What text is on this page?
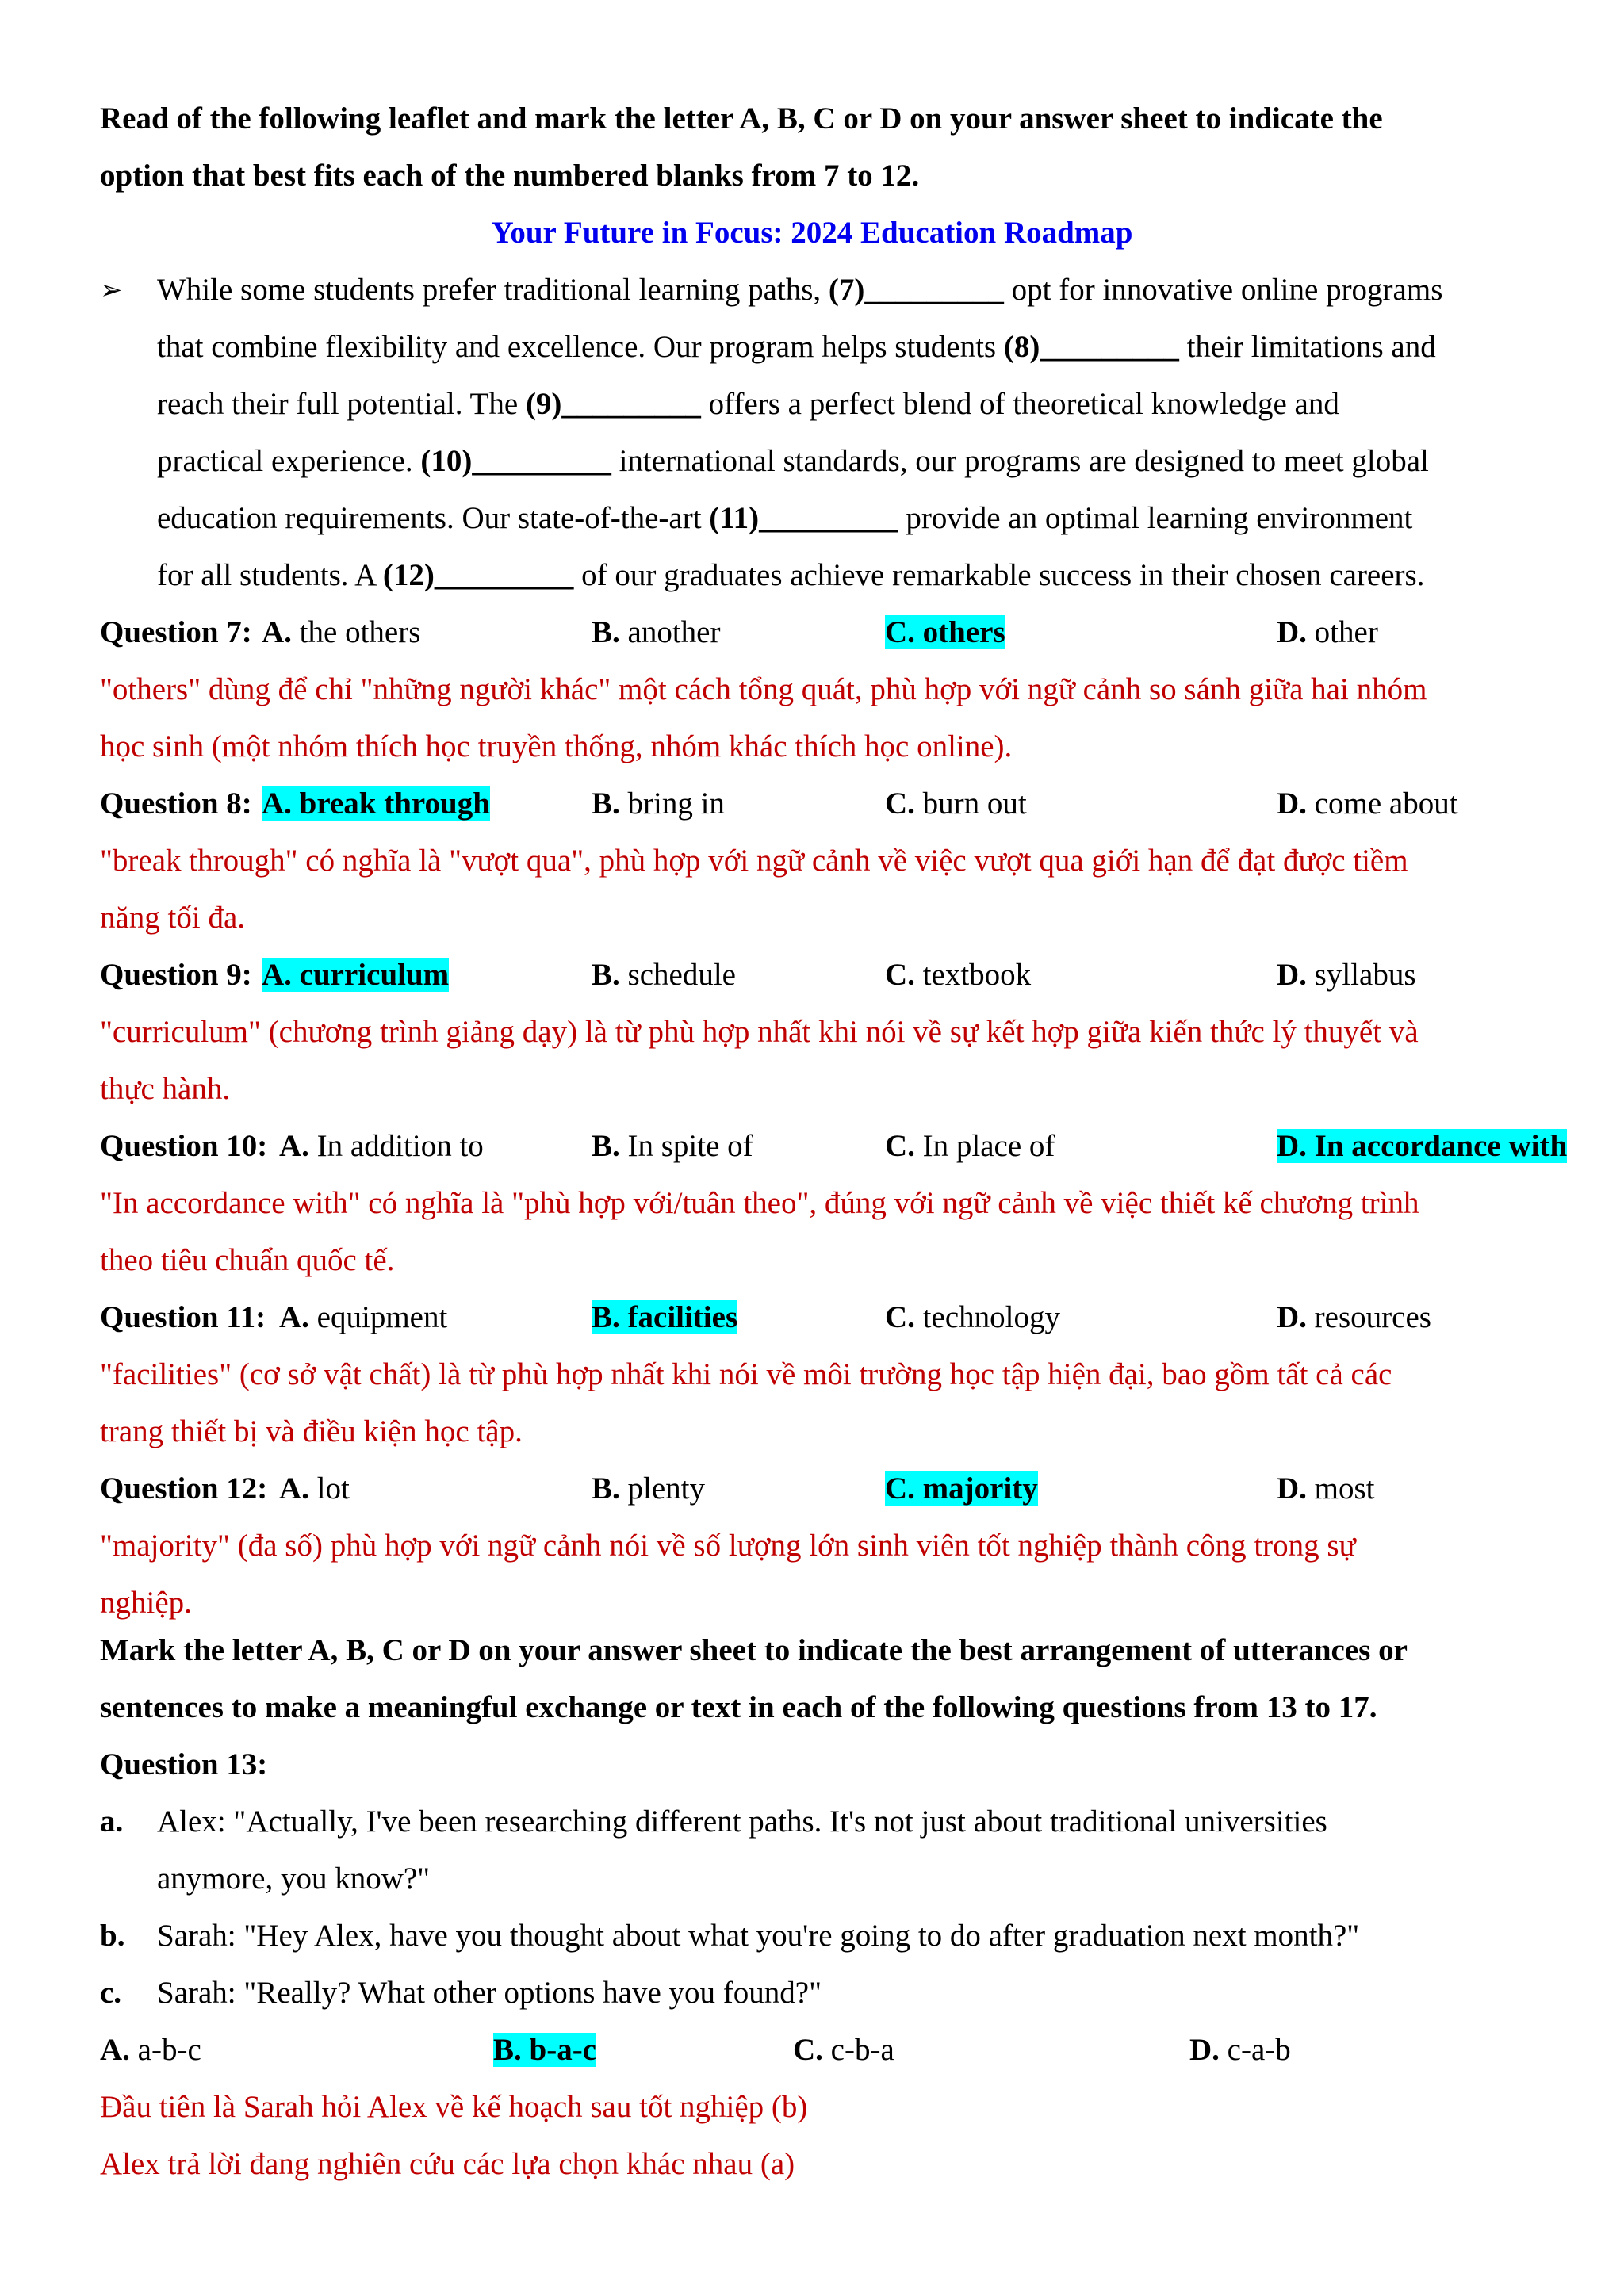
Read of the following leaflet and mark the letter A, B, C or D on your answer sheet to indicate the
option that best fits each of the numbered blanks from 7 to 12.
Your Future in Focus: 2024 Education Roadmap
➢ While some students prefer traditional learning paths, (7)_________ opt for innovative online programs
that combine flexibility and excellence. Our program helps students (8)_________ their limitations and
reach their full potential. The (9)_________ offers a perfect blend of theoretical knowledge and
practical experience. (10)_________ international standards, our programs are designed to meet global
education requirements. Our state-of-the-art (11)_________ provide an optimal learning environment
for all students. A (12)_________ of our graduates achieve remarkable success in their chosen careers.
Question 7: A. the others	B. another	C. others	D. other
"others" dùng để chỉ "những người khác" một cách tổng quát, phù hợp với ngữ cảnh so sánh giữa hai nhóm
học sinh (một nhóm thích học truyền thống, nhóm khác thích học online).
Question 8: A. break through	B. bring in	C. burn out	D. come about
"break through" có nghĩa là "vượt qua", phù hợp với ngữ cảnh về việc vượt qua giới hạn để đạt được tiềm
năng tối đa.
Question 9: A. curriculum	B. schedule	C. textbook	D. syllabus
"curriculum" (chương trình giảng dạy) là từ phù hợp nhất khi nói về sự kết hợp giữa kiến thức lý thuyết và
thực hành.
Question 10: A. In addition to	B. In spite of	C. In place of	D. In accordance with
"In accordance with" có nghĩa là "phù hợp với/tuân theo", đúng với ngữ cảnh về việc thiết kế chương trình
theo tiêu chuẩn quốc tế.
Question 11: A. equipment	B. facilities	C. technology	D. resources
"facilities" (cơ sở vật chất) là từ phù hợp nhất khi nói về môi trường học tập hiện đại, bao gồm tất cả các
trang thiết bị và điều kiện học tập.
Question 12: A. lot	B. plenty	C. majority	D. most
"majority" (đa số) phù hợp với ngữ cảnh nói về số lượng lớn sinh viên tốt nghiệp thành công trong sự
nghiệp.
Mark the letter A, B, C or D on your answer sheet to indicate the best arrangement of utterances or
sentences to make a meaningful exchange or text in each of the following questions from 13 to 17.
Question 13:
a. Alex: "Actually, I've been researching different paths. It's not just about traditional universities
anymore, you know?"
b. Sarah: "Hey Alex, have you thought about what you're going to do after graduation next month?"
c. Sarah: "Really? What other options have you found?"
A. a-b-c	B. b-a-c	C. c-b-a	D. c-a-b
Đầu tiên là Sarah hỏi Alex về kế hoạch sau tốt nghiệp (b)
Alex trả lời đang nghiên cứu các lựa chọn khác nhau (a)
